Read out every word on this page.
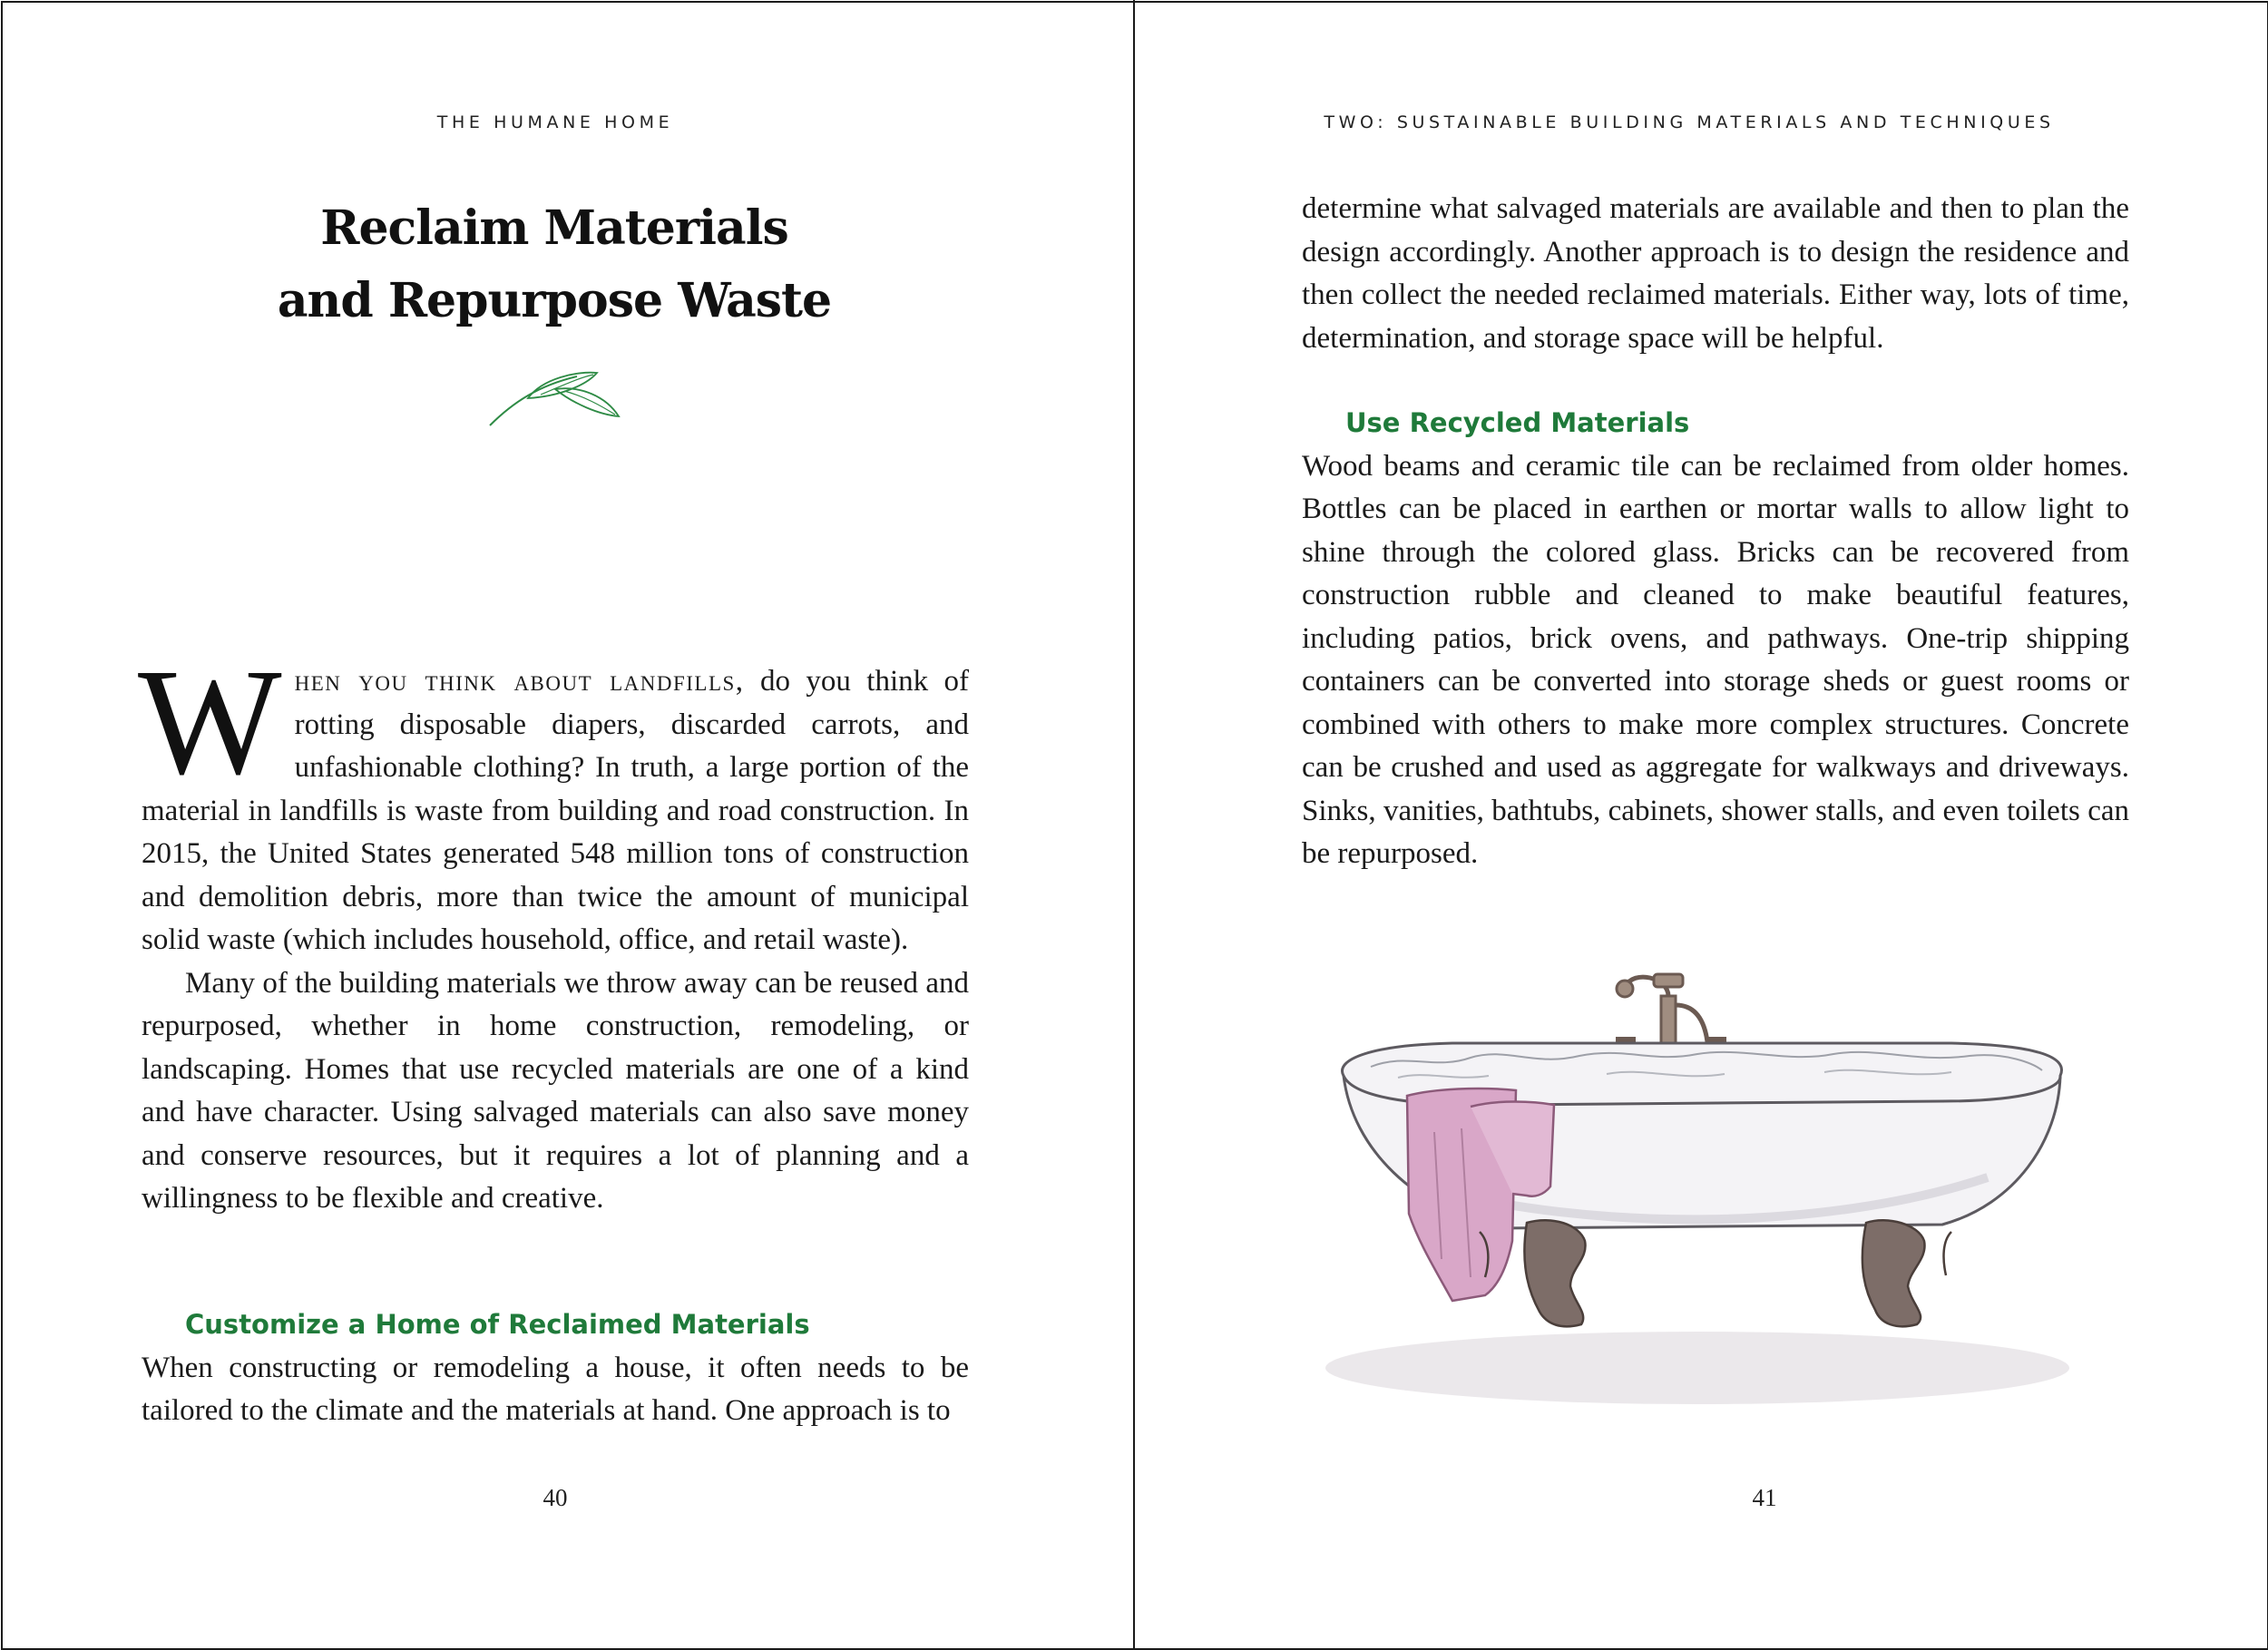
THE HUMANE HOME
Reclaim Materials
and Repurpose Waste

When you think about landfills, do you think of rotting disposable diapers, discarded carrots, and unfashionable clothing? In truth, a large portion of the material in landfills is waste from building and road construction. In 2015, the United States generated 548 million tons of construction and demolition debris, more than twice the amount of municipal solid waste (which includes household, office, and retail waste).

Many of the building materials we throw away can be reused and repurposed, whether in home construction, remodeling, or landscaping. Homes that use recycled materials are one of a kind and have character. Using salvaged materials can also save money and conserve resources, but it requires a lot of planning and a willingness to be flexible and creative.

Customize a Home of Reclaimed Materials

When constructing or remodeling a house, it often needs to be tailored to the climate and the materials at hand. One approach is to

40
TWO: SUSTAINABLE BUILDING MATERIALS AND TECHNIQUES

determine what salvaged materials are available and then to plan the design accordingly. Another approach is to design the residence and then collect the needed reclaimed materials. Either way, lots of time, determination, and storage space will be helpful.

Use Recycled Materials

Wood beams and ceramic tile can be reclaimed from older homes. Bottles can be placed in earthen or mortar walls to allow light to shine through the colored glass. Bricks can be recovered from construction rubble and cleaned to make beautiful features, including patios, brick ovens, and pathways. One-trip shipping containers can be converted into storage sheds or guest rooms or combined with others to make more complex structures. Concrete can be crushed and used as aggregate for walkways and driveways. Sinks, vanities, bathtubs, cabinets, shower stalls, and even toilets can be repurposed.

41
